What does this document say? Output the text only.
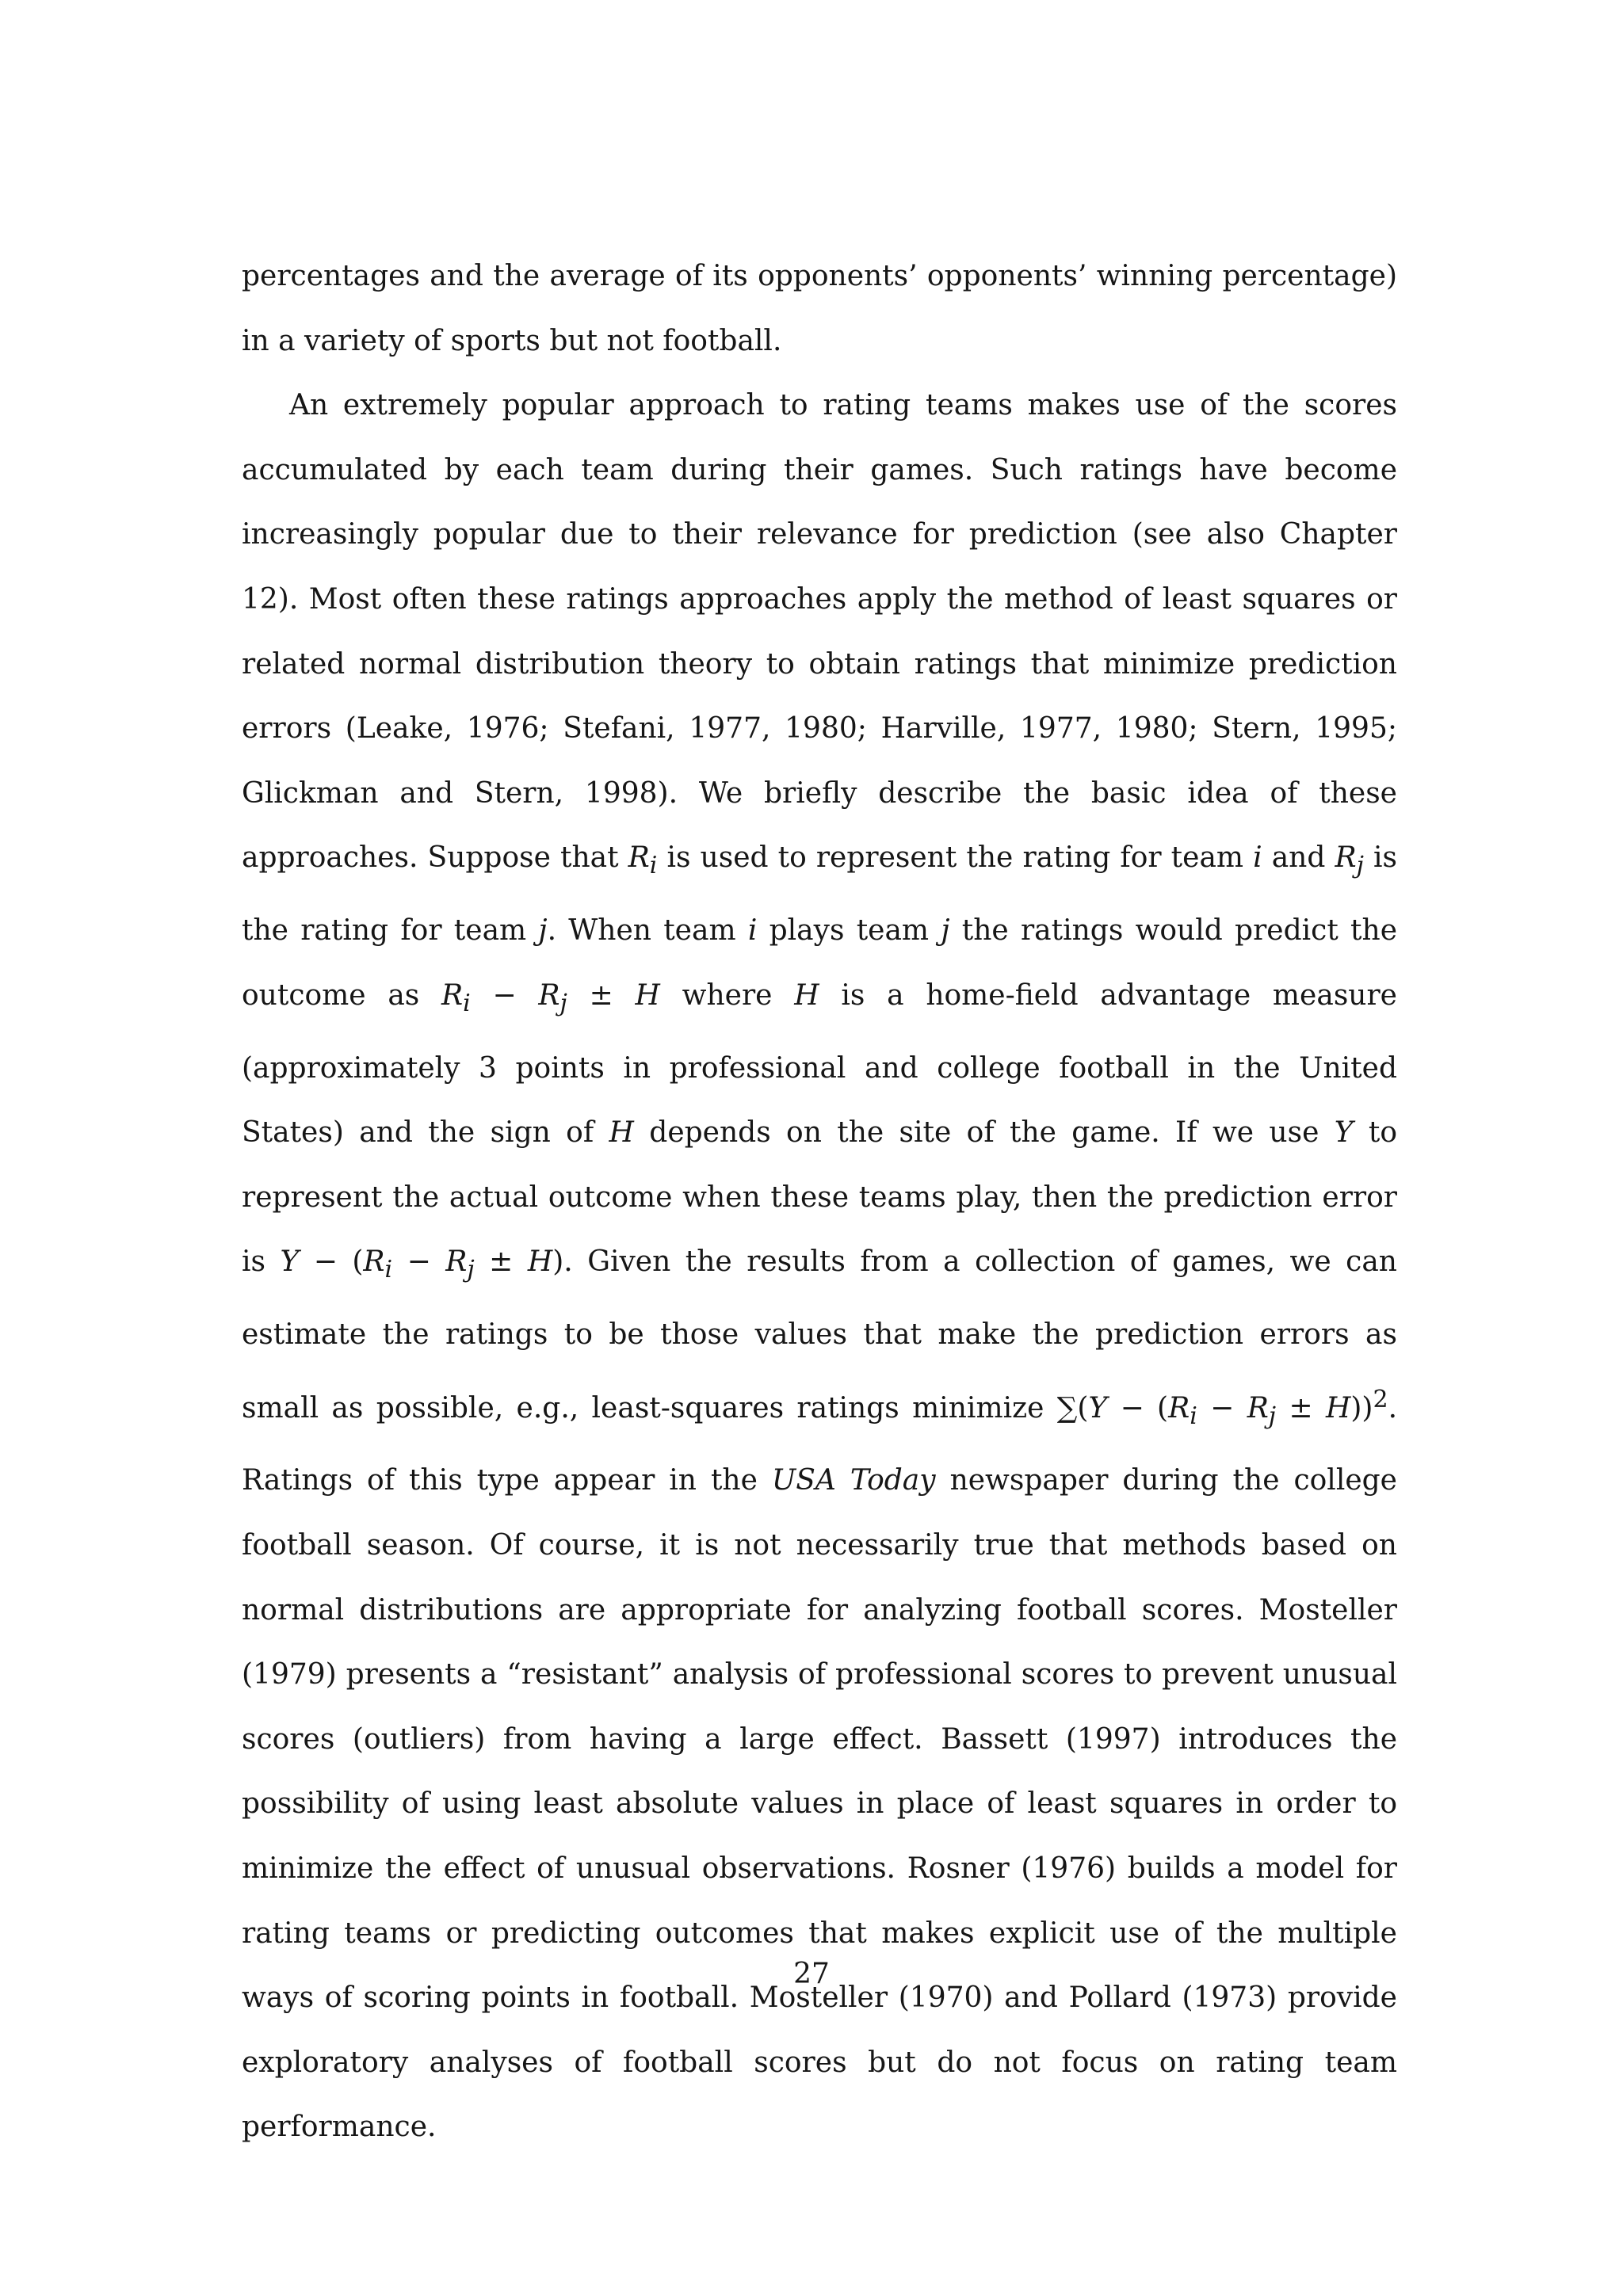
percentages and the average of its opponents’ opponents’ winning percentage) in a variety of sports but not football.

An extremely popular approach to rating teams makes use of the scores accumulated by each team during their games. Such ratings have become increasingly popular due to their relevance for prediction (see also Chapter 12). Most often these ratings approaches apply the method of least squares or related normal distribution theory to obtain ratings that minimize prediction errors (Leake, 1976; Stefani, 1977, 1980; Harville, 1977, 1980; Stern, 1995; Glickman and Stern, 1998). We briefly describe the basic idea of these approaches. Suppose that $R_i$ is used to represent the rating for team i and $R_j$ is the rating for team j. When team i plays team j the ratings would predict the outcome as $R_i - R_j \pm H$ where H is a home-field advantage measure (approximately 3 points in professional and college football in the United States) and the sign of H depends on the site of the game. If we use Y to represent the actual outcome when these teams play, then the prediction error is $Y - (R_i - R_j \pm H)$. Given the results from a collection of games, we can estimate the ratings to be those values that make the prediction errors as small as possible, e.g., least-squares ratings minimize $\sum(Y - (R_i - R_j \pm H))^2$. Ratings of this type appear in the USA Today newspaper during the college football season. Of course, it is not necessarily true that methods based on normal distributions are appropriate for analyzing football scores. Mosteller (1979) presents a “resistant” analysis of professional scores to prevent unusual scores (outliers) from having a large effect. Bassett (1997) introduces the possibility of using least absolute values in place of least squares in order to minimize the effect of unusual observations. Rosner (1976) builds a model for rating teams or predicting outcomes that makes explicit use of the multiple ways of scoring points in football. Mosteller (1970) and Pollard (1973) provide exploratory analyses of football scores but do not focus on rating team performance.

27
